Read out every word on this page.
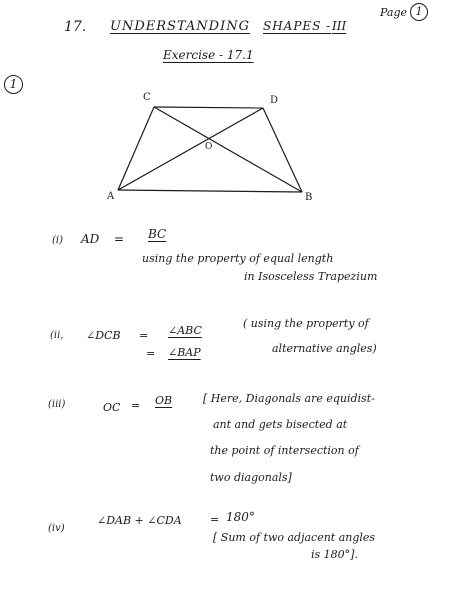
Page 1
17. UNDERSTANDING SHAPES - III
Exercise - 17.1
1
C	D
O
A	B
(i) AD = BC
using the property of equal length
in Isosceless Trapezium
(ii, ∠DCB = ∠ABC
= ∠BAP
( using the property of
alternative angles)
(iii)	OC = OB	[ Here, Diagonals are equidist-
ant and gets bisected at
the point of intersection of
two diagonals]
(iv)
∠DAB + ∠CDA	= 180°
[ Sum of two adjacent angles
is 180°].
